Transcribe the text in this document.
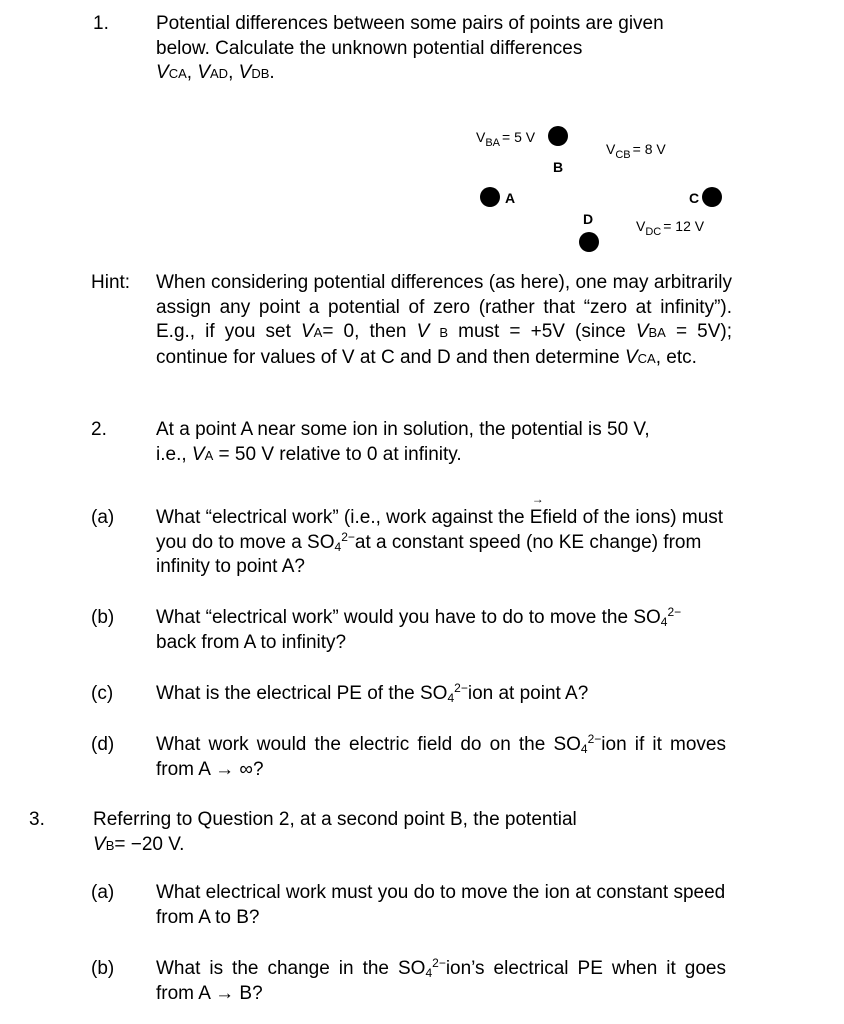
1. Potential differences between some pairs of points are given
below. Calculate the unknown potential differences
VCA, VAD, VDB.
$V_{BA} = 5$ V
B
$V_{CB} = 8$ V
A	C
D	$V_{DC} = 12$ V
Hint: When considering potential differences (as here), one may arbitrarily assign any point a potential of zero (rather that “zero at infinity”). E.g., if you set VA= 0, then V B must = +5V (since VBA = 5V); continue for values of V at C and D and then determine VCA, etc.
2.	At a point A near some ion in solution, the potential is 50 V,
i.e., VA = 50 V relative to 0 at infinity.
(a) What “electrical work” (i.e., work against the → Efield of the ions) must you do to move a $SO_4^{2-}at$ a constant speed (no KE change) from infinity to point A?
(b) What “electrical work” would you have to do to move the $SO_4^{2-}$
back from A to infinity?
(c) What is the electrical PE of the $SO_4^{2-}ion$ at point A?
(d) What work would the electric field do on the $SO_4^{2-}ion$ if it moves from A → ∞?
3.	Referring to Question 2, at a second point B, the potential
VB= −20 V.
(a) What electrical work must you do to move the ion at constant speed from A to B?
(b) What is the change in the $SO_4^{2-}ion’s$ electrical PE when it goes from A → B?
